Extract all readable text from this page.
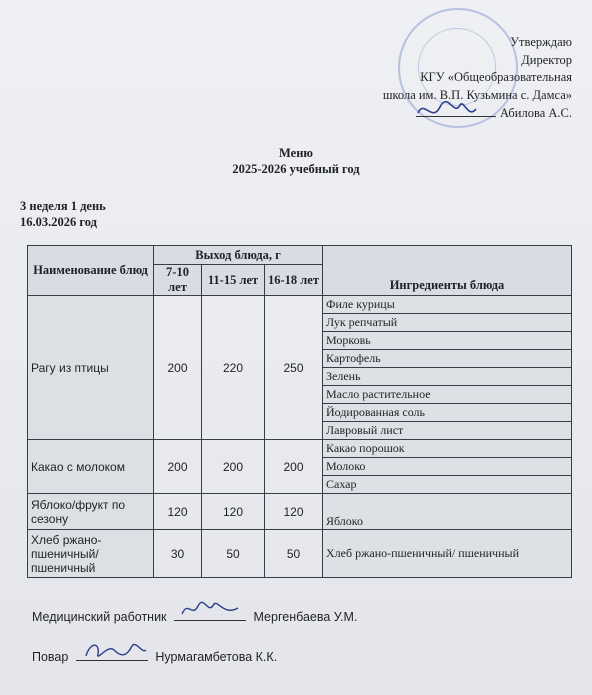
Утверждаю
Директор
КГУ «Общеобразовательная
школа им. В.П. Кузьмина с. Дамса»
Абилова А.С.
Меню
2025-2026 учебный год
3 неделя 1 день
16.03.2026 год
Наименование блюд	Выход блюда, г			Ингредиенты блюда
	7-10 лет	11-15 лет	16-18 лет	
Рагу из птицы	200	220	250	Филе курицы
				Лук репчатый
				Морковь
				Картофель
				Зелень
				Масло растительное
				Йодированная соль
				Лавровый лист
Какао с молоком	200	200	200	Какао порошок
				Молоко
				Сахар
Яблоко/фрукт по сезону	120	120	120	Яблоко
Хлеб ржано-пшеничный/ пшеничный	30	50	50	Хлеб ржано-пшеничный/ пшеничный
Медицинский работник	Мергенбаева У.М.
Повар	Нурмагамбетова К.К.
